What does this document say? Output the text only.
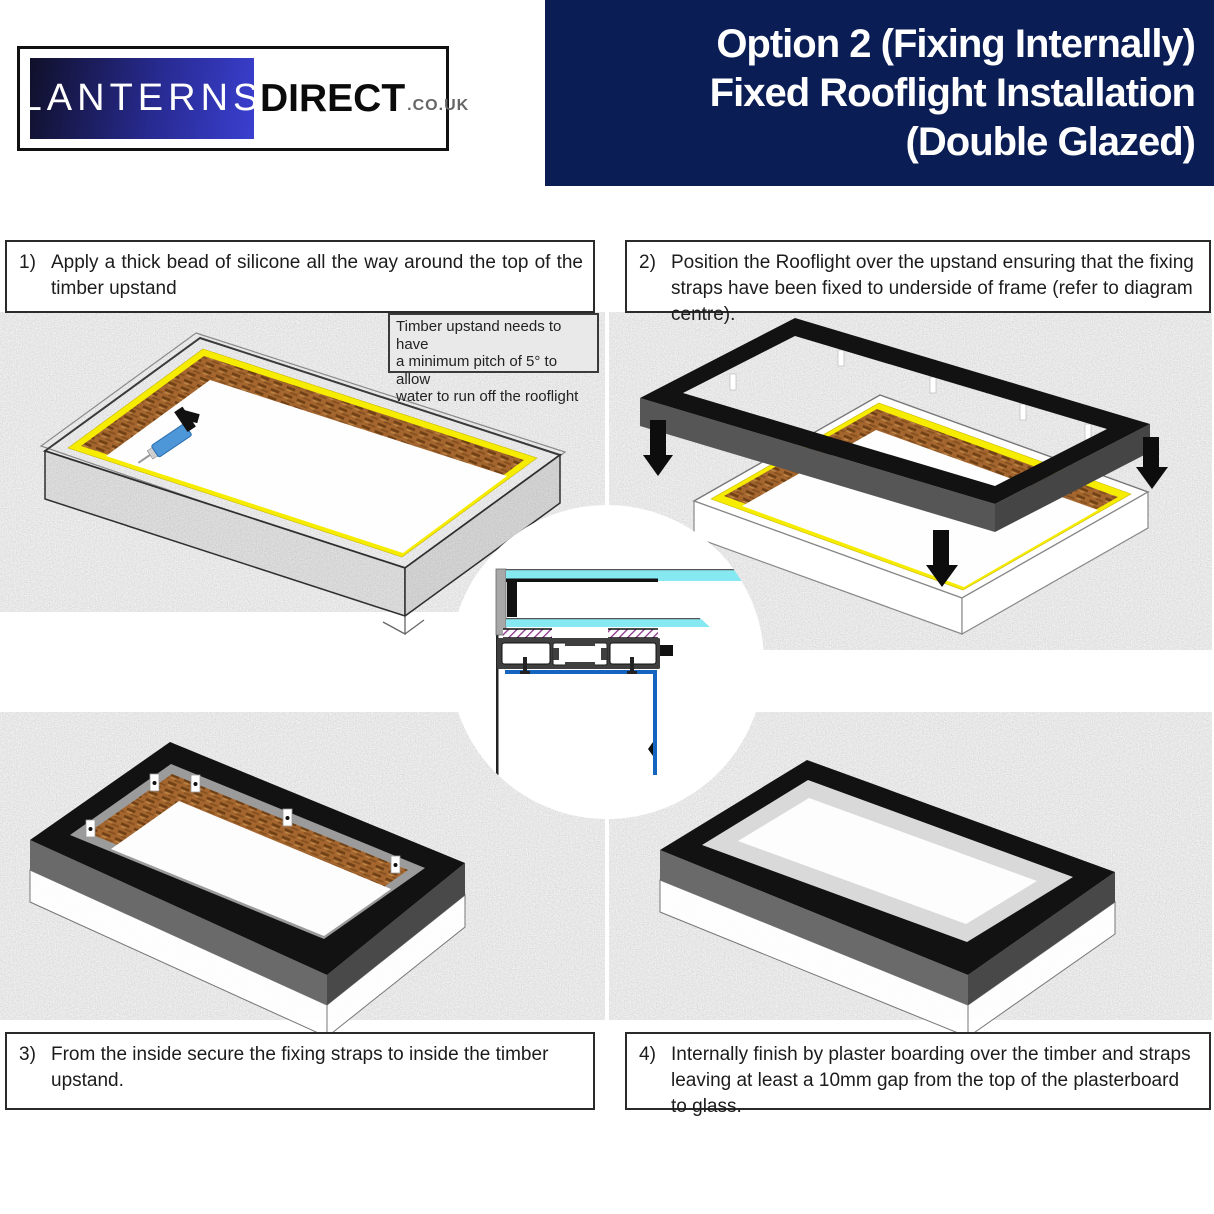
LANTERNS
DIRECT .CO.UK
Option 2 (Fixing Internally)
Fixed Rooflight Installation
(Double Glazed)
Timber upstand needs to have
a minimum pitch of 5° to allow
water to run off the rooflight
1) Apply a thick bead of silicone all the way around the top of the timber upstand
2) Position the Rooflight over the upstand ensuring that the fixing straps have been fixed to underside of frame (refer to diagram centre).
3) From the inside secure the fixing straps to inside the timber upstand.
4) Internally finish by plaster boarding over the timber and straps leaving at least a 10mm gap from the top of the plasterboard to glass.
